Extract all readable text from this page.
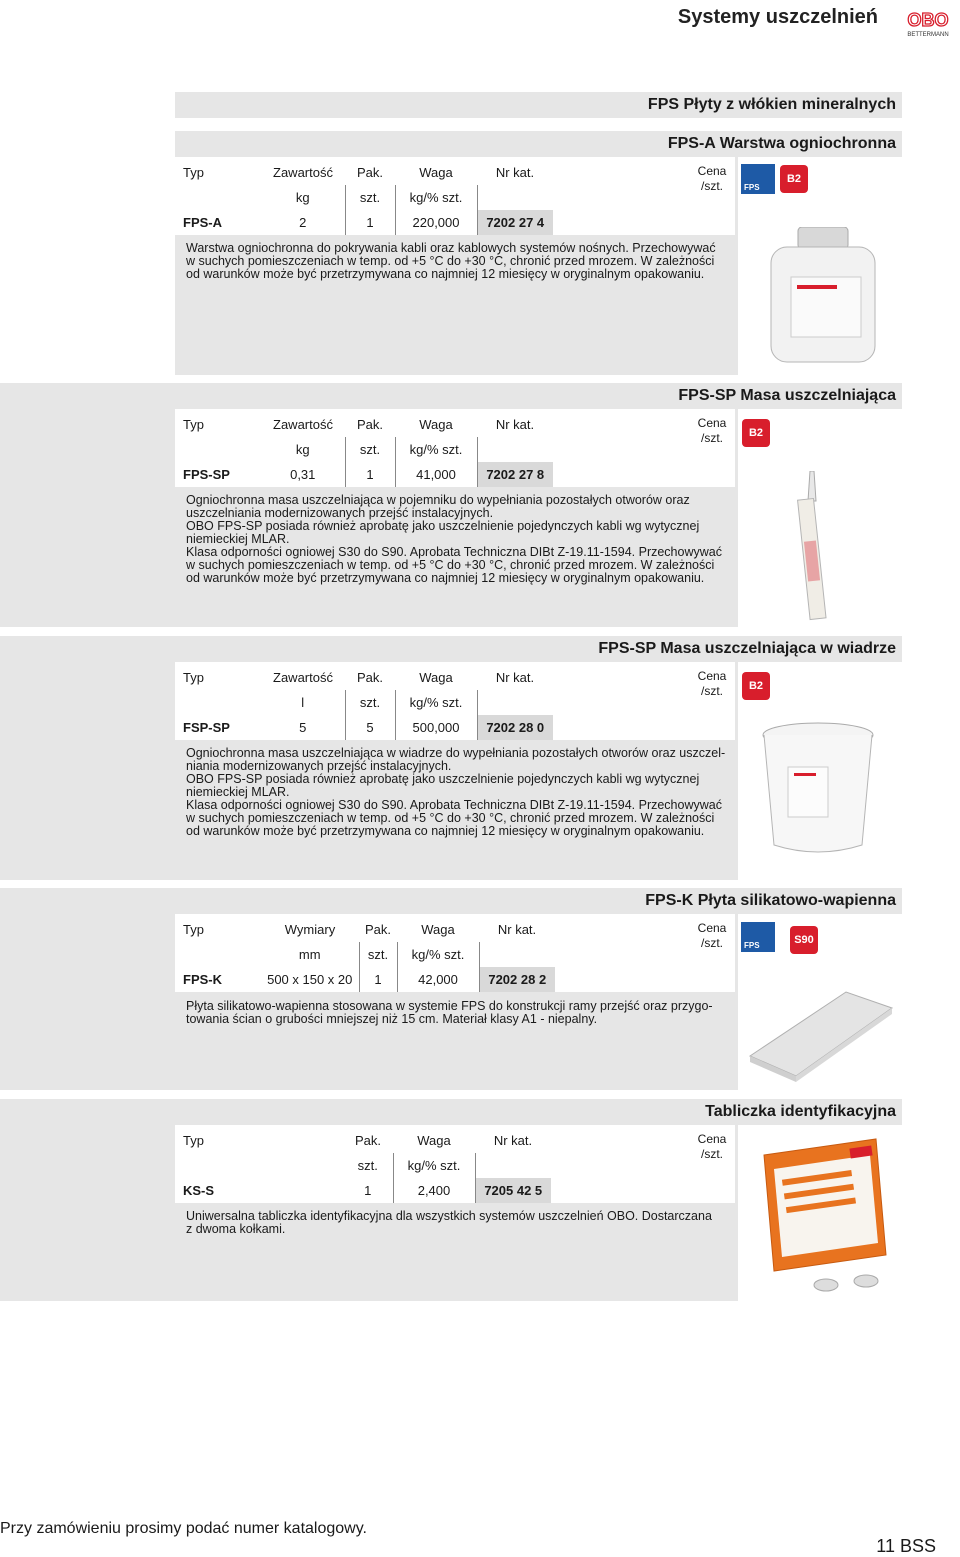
Systemy uszczelnień OBO
BETTERMANN
FPS Płyty z włókien mineralnych
FPS-A Warstwa ogniochronna
Typ	Zawartość	Pak.	Waga	Nr kat.
	kg	szt.	kg/% szt.	
FPS-A	2	1	220,000	7202 27 4
Cena
/szt.
Warstwa ogniochronna do pokrywania kabli oraz kablowych systemów nośnych. Przechowywać
w suchych pomieszczeniach w temp. od +5 °C do +30 °C, chronić przed mrozem. W zależności
od warunków może być przetrzymywana co najmniej 12 miesięcy w oryginalnym opakowaniu.
FPS
B2
FPS-SP Masa uszczelniająca
Typ	Zawartość	Pak.	Waga	Nr kat.
	kg	szt.	kg/% szt.	
FPS-SP	0,31	1	41,000	7202 27 8
Cena
/szt.
Ogniochronna masa uszczelniająca w pojemniku do wypełniania pozostałych otworów oraz
uszczelniania modernizowanych przejść instalacyjnych.
OBO FPS-SP posiada również aprobatę jako uszczelnienie pojedynczych kabli wg wytycznej
niemieckiej MLAR.
Klasa odporności ogniowej S30 do S90. Aprobata Techniczna DIBt Z-19.11-1594. Przechowywać
w suchych pomieszczeniach w temp. od +5 °C do +30 °C, chronić przed mrozem. W zależności
od warunków może być przetrzymywana co najmniej 12 miesięcy w oryginalnym opakowaniu.
B2
FPS-SP Masa uszczelniająca w wiadrze
Typ	Zawartość	Pak.	Waga	Nr kat.
	l	szt.	kg/% szt.	
FSP-SP	5	5	500,000	7202 28 0
Cena
/szt.
Ogniochronna masa uszczelniająca w wiadrze do wypełniania pozostałych otworów oraz uszczel-
niania modernizowanych przejść instalacyjnych.
OBO FPS-SP posiada również aprobatę jako uszczelnienie pojedynczych kabli wg wytycznej
niemieckiej MLAR.
Klasa odporności ogniowej S30 do S90. Aprobata Techniczna DIBt Z-19.11-1594. Przechowywać
w suchych pomieszczeniach w temp. od +5 °C do +30 °C, chronić przed mrozem. W zależności
od warunków może być przetrzymywana co najmniej 12 miesięcy w oryginalnym opakowaniu.
B2
FPS-K Płyta silikatowo-wapienna
Typ	Wymiary	Pak.	Waga	Nr kat.
	mm	szt.	kg/% szt.	
FPS-K	500 x 150 x 20	1	42,000	7202 28 2
Cena
/szt.
Płyta silikatowo-wapienna stosowana w systemie FPS do konstrukcji ramy przejść oraz przygo-
towania ścian o grubości mniejszej niż 15 cm. Materiał klasy A1 - niepalny.
FPS	S90
Tabliczka identyfikacyjna
Typ	Pak.	Waga	Nr kat.
	szt.	kg/% szt.	
KS-S	1	2,400	7205 42 5
Cena
/szt.
Uniwersalna tabliczka identyfikacyjna dla wszystkich systemów uszczelnień OBO. Dostarczana
z dwoma kołkami.
Przy zamówieniu prosimy podać numer katalogowy.
11 BSS
